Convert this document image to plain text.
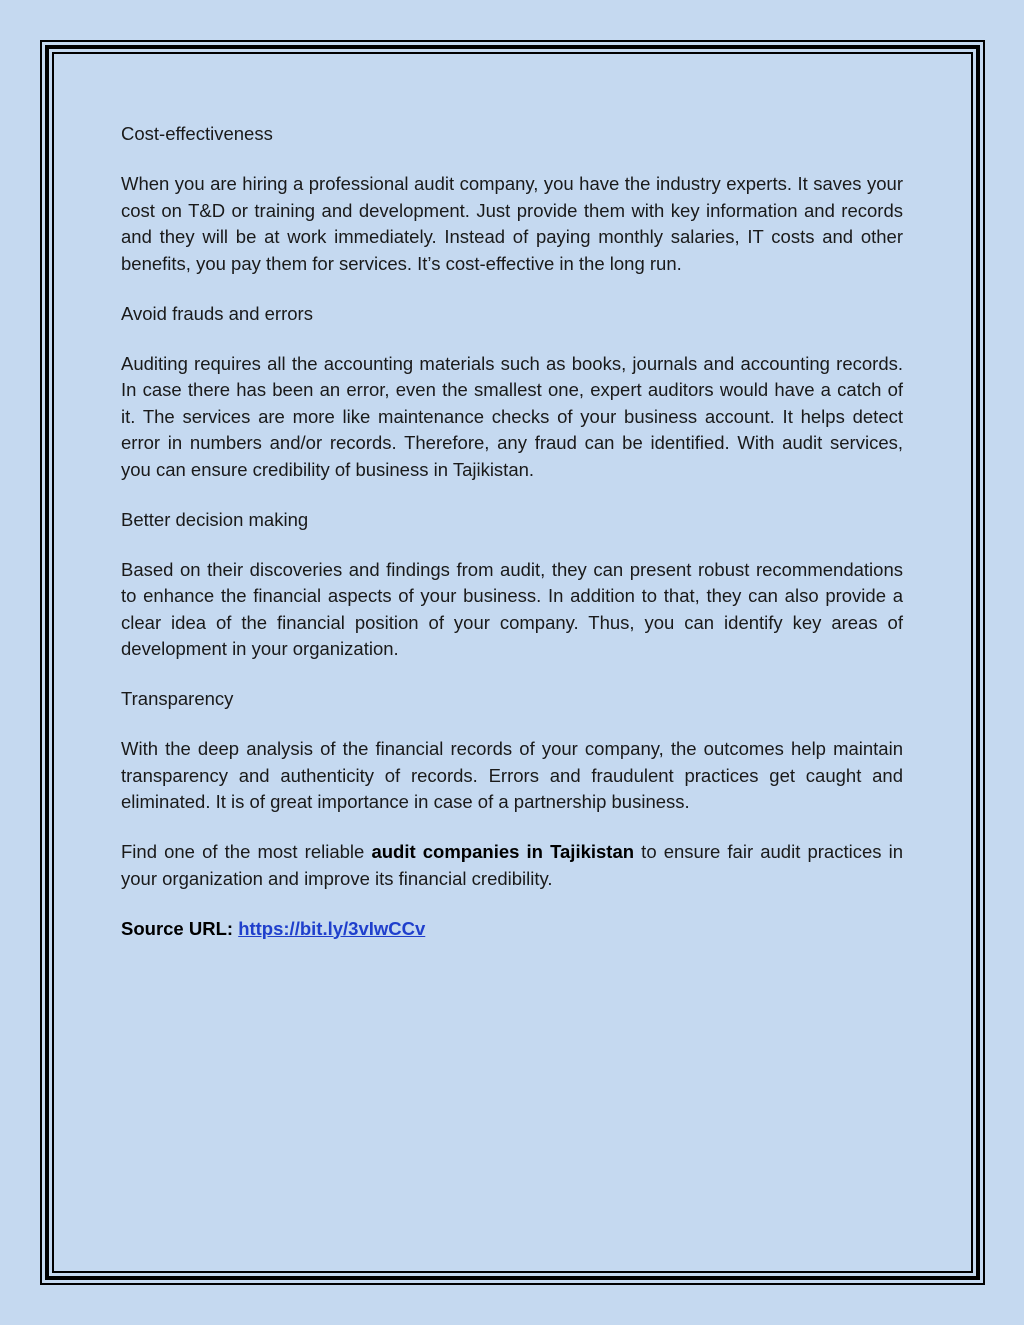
Cost-effectiveness

When you are hiring a professional audit company, you have the industry experts. It saves your cost on T&D or training and development. Just provide them with key information and records and they will be at work immediately. Instead of paying monthly salaries, IT costs and other benefits, you pay them for services. It’s cost-effective in the long run.

Avoid frauds and errors

Auditing requires all the accounting materials such as books, journals and accounting records. In case there has been an error, even the smallest one, expert auditors would have a catch of it. The services are more like maintenance checks of your business account. It helps detect error in numbers and/or records. Therefore, any fraud can be identified. With audit services, you can ensure credibility of business in Tajikistan.

Better decision making

Based on their discoveries and findings from audit, they can present robust recommendations to enhance the financial aspects of your business. In addition to that, they can also provide a clear idea of the financial position of your company. Thus, you can identify key areas of development in your organization.

Transparency

With the deep analysis of the financial records of your company, the outcomes help maintain transparency and authenticity of records. Errors and fraudulent practices get caught and eliminated. It is of great importance in case of a partnership business.

Find one of the most reliable audit companies in Tajikistan to ensure fair audit practices in your organization and improve its financial credibility.

Source URL: https://bit.ly/3vIwCCv
